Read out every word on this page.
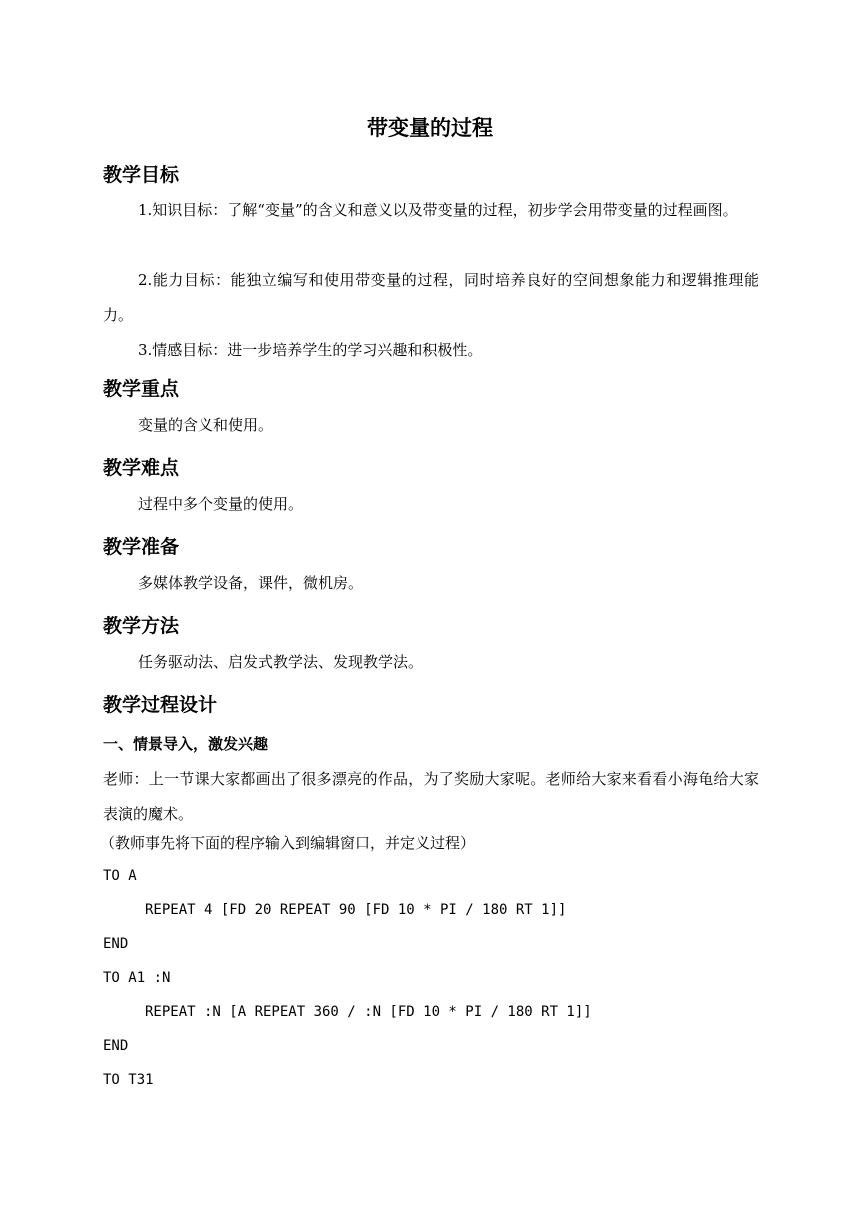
带变量的过程
教学目标
1.知识目标：了解“变量”的含义和意义以及带变量的过程，初步学会用带变量的过程画图。
2.能力目标：能独立编写和使用带变量的过程，同时培养良好的空间想象能力和逻辑推理能力。
3.情感目标：进一步培养学生的学习兴趣和积极性。
教学重点
变量的含义和使用。
教学难点
过程中多个变量的使用。
教学准备
多媒体教学设备，课件，微机房。
教学方法
任务驱动法、启发式教学法、发现教学法。
教学过程设计
一、情景导入，激发兴趣
老师：上一节课大家都画出了很多漂亮的作品，为了奖励大家呢。老师给大家来看看小海龟给大家表演的魔术。
（教师事先将下面的程序输入到编辑窗口，并定义过程）
TO A
REPEAT 4 [FD 20 REPEAT 90 [FD 10 * PI / 180 RT 1]]
END
TO A1 :N
REPEAT :N [A REPEAT 360 / :N [FD 10 * PI / 180 RT 1]]
END
TO T31
